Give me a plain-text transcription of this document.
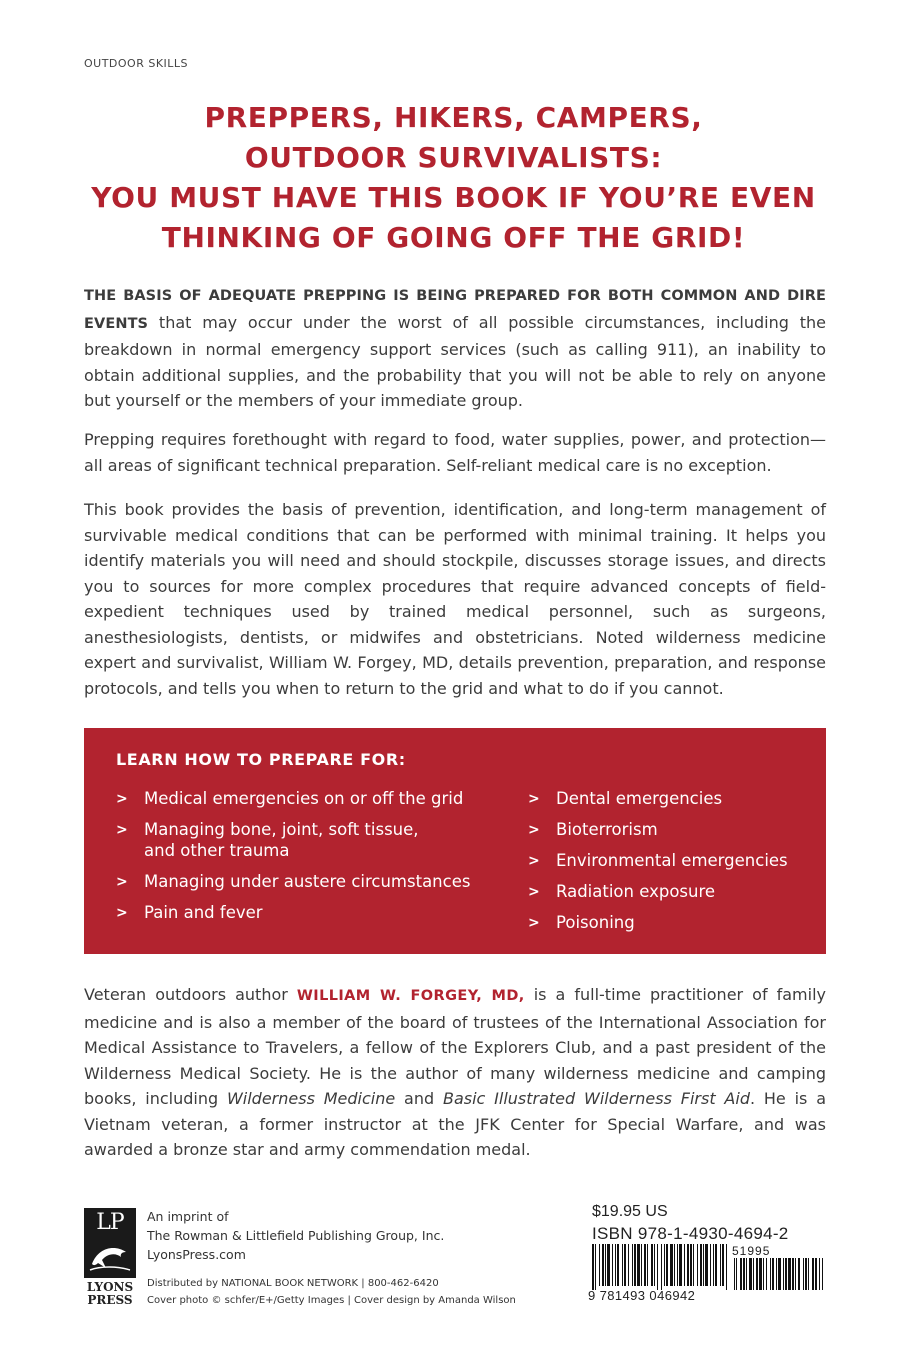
OUTDOOR SKILLS
PREPPERS, HIKERS, CAMPERS,
OUTDOOR SURVIVALISTS:
YOU MUST HAVE THIS BOOK IF YOU’RE EVEN
THINKING OF GOING OFF THE GRID!
THE BASIS OF ADEQUATE PREPPING IS BEING PREPARED FOR BOTH COMMON AND DIRE EVENTS that may occur under the worst of all possible circumstances, including the breakdown in normal emergency support services (such as calling 911), an inability to obtain additional supplies, and the probability that you will not be able to rely on anyone but yourself or the members of your immediate group.
Prepping requires forethought with regard to food, water supplies, power, and protection—all areas of significant technical preparation. Self-reliant medical care is no exception.
This book provides the basis of prevention, identification, and long-term management of survivable medical conditions that can be performed with minimal training. It helps you identify materials you will need and should stockpile, discusses storage issues, and directs you to sources for more complex procedures that require advanced concepts of field-expedient techniques used by trained medical personnel, such as surgeons, anesthesiologists, dentists, or midwifes and obstetricians. Noted wilderness medicine expert and survivalist, William W. Forgey, MD, details prevention, preparation, and response protocols, and tells you when to return to the grid and what to do if you cannot.
LEARN HOW TO PREPARE FOR:
> Medical emergencies on or off the grid
> Managing bone, joint, soft tissue, and other trauma
> Managing under austere circumstances
> Pain and fever
> Dental emergencies
> Bioterrorism
> Environmental emergencies
> Radiation exposure
> Poisoning
Veteran outdoors author WILLIAM W. FORGEY, MD, is a full-time practitioner of family medicine and is also a member of the board of trustees of the International Association for Medical Assistance to Travelers, a fellow of the Explorers Club, and a past president of the Wilderness Medical Society. He is the author of many wilderness medicine and camping books, including Wilderness Medicine and Basic Illustrated Wilderness First Aid. He is a Vietnam veteran, a former instructor at the JFK Center for Special Warfare, and was awarded a bronze star and army commendation medal.
LP
LYONS
PRESS
An imprint of
The Rowman & Littlefield Publishing Group, Inc.
LyonsPress.com
Distributed by NATIONAL BOOK NETWORK | 800-462-6420
Cover photo © schfer/E+/Getty Images | Cover design by Amanda Wilson
$19.95 US
ISBN 978-1-4930-4694-2
51995
9 781493 046942
